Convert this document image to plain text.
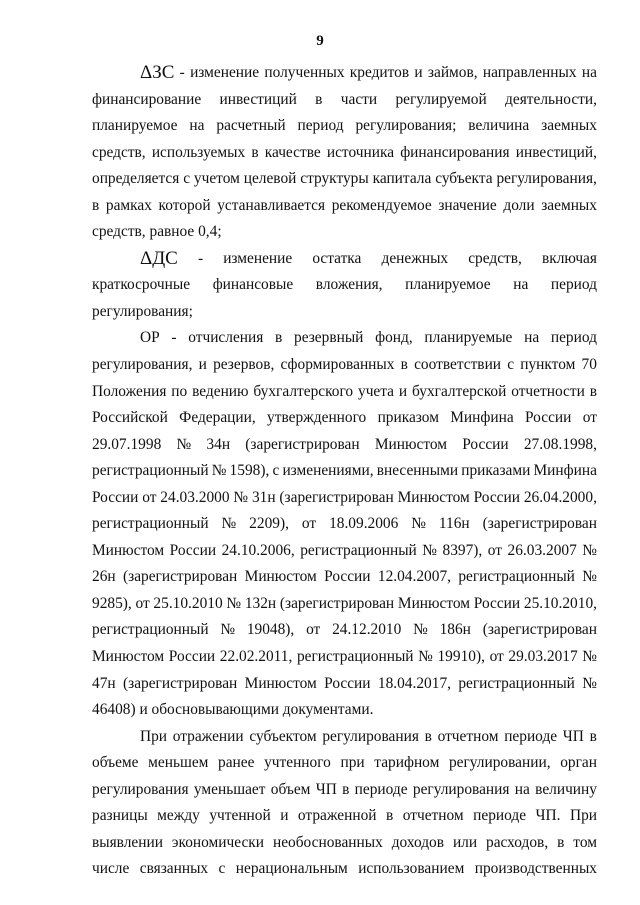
9
ΔЗС - изменение полученных кредитов и займов, направленных на
финансирование инвестиций в части регулируемой деятельности,
планируемое на расчетный период регулирования; величина заемных
средств, используемых в качестве источника финансирования инвестиций,
определяется с учетом целевой структуры капитала субъекта регулирования,
в рамках которой устанавливается рекомендуемое значение доли заемных
средств, равное 0,4;
ΔДС - изменение остатка денежных средств, включая
краткосрочные финансовые вложения, планируемое на период
регулирования;
ОР - отчисления в резервный фонд, планируемые на период
регулирования, и резервов, сформированных в соответствии с пунктом 70
Положения по ведению бухгалтерского учета и бухгалтерской отчетности в
Российской Федерации, утвержденного приказом Минфина России от
29.07.1998 № 34н (зарегистрирован Минюстом России 27.08.1998,
регистрационный № 1598), с изменениями, внесенными приказами Минфина
России от 24.03.2000 № 31н (зарегистрирован Минюстом России 26.04.2000,
регистрационный № 2209), от 18.09.2006 № 116н (зарегистрирован
Минюстом России 24.10.2006, регистрационный № 8397), от 26.03.2007 №
26н (зарегистрирован Минюстом России 12.04.2007, регистрационный №
9285), от 25.10.2010 № 132н (зарегистрирован Минюстом России 25.10.2010,
регистрационный № 19048), от 24.12.2010 № 186н (зарегистрирован
Минюстом России 22.02.2011, регистрационный № 19910), от 29.03.2017 №
47н (зарегистрирован Минюстом России 18.04.2017, регистрационный №
46408) и обосновывающими документами.
При отражении субъектом регулирования в отчетном периоде ЧП в
объеме меньшем ранее учтенного при тарифном регулировании, орган
регулирования уменьшает объем ЧП в периоде регулирования на величину
разницы между учтенной и отраженной в отчетном периоде ЧП. При
выявлении экономически необоснованных доходов или расходов, в том
числе связанных с нерациональным использованием производственных
